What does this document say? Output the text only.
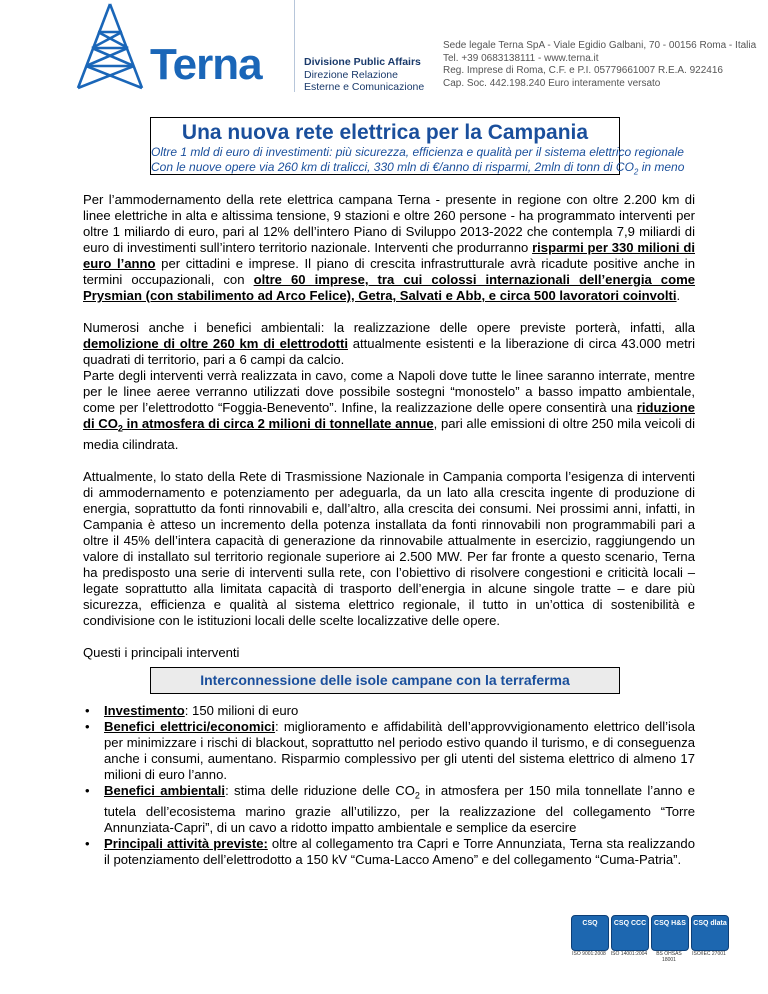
Terna	Divisione Public Affairs
Direzione Relazione
Esterne e Comunicazione
Sede legale Terna SpA - Viale Egidio Galbani, 70 - 00156 Roma - Italia
Tel. +39 0683138111 - www.terna.it
Reg. Imprese di Roma, C.F. e P.I. 05779661007 R.E.A. 922416
Cap. Soc. 442.198.240 Euro interamente versato
Una nuova rete elettrica per la Campania
Oltre 1 mld di euro di investimenti: più sicurezza, efficienza e qualità per il sistema elettrico regionale
Con le nuove opere via 260 km di tralicci, 330 mln di €/anno di risparmi, 2mln di tonn di $CO_2$ in meno

Per l’ammodernamento della rete elettrica campana Terna - presente in regione con oltre 2.200 km di linee elettriche in alta e altissima tensione, 9 stazioni e oltre 260 persone - ha programmato interventi per oltre 1 miliardo di euro, pari al 12% dell’intero Piano di Sviluppo 2013-2022 che contempla 7,9 miliardi di euro di investimenti sull’intero territorio nazionale. Interventi che produrranno risparmi per 330 milioni di euro l’anno per cittadini e imprese. Il piano di crescita infrastrutturale avrà ricadute positive anche in termini occupazionali, con oltre 60 imprese, tra cui colossi internazionali dell’energia come Prysmian (con stabilimento ad Arco Felice), Getra, Salvati e Abb, e circa 500 lavoratori coinvolti.

Numerosi anche i benefici ambientali: la realizzazione delle opere previste porterà, infatti, alla demolizione di oltre 260 km di elettrodotti attualmente esistenti e la liberazione di circa 43.000 metri quadrati di territorio, pari a 6 campi da calcio.

Parte degli interventi verrà realizzata in cavo, come a Napoli dove tutte le linee saranno interrate, mentre per le linee aeree verranno utilizzati dove possibile sostegni “monostelo” a basso impatto ambientale, come per l’elettrodotto “Foggia-Benevento”. Infine, la realizzazione delle opere consentirà una riduzione di $CO_2$ in atmosfera di circa 2 milioni di tonnellate annue, pari alle emissioni di oltre 250 mila veicoli di media cilindrata.

Attualmente, lo stato della Rete di Trasmissione Nazionale in Campania comporta l’esigenza di interventi di ammodernamento e potenziamento per adeguarla, da un lato alla crescita ingente di produzione di energia, soprattutto da fonti rinnovabili e, dall’altro, alla crescita dei consumi. Nei prossimi anni, infatti, in Campania è atteso un incremento della potenza installata da fonti rinnovabili non programmabili pari a oltre il 45% dell’intera capacità di generazione da rinnovabile attualmente in esercizio, raggiungendo un valore di installato sul territorio regionale superiore ai 2.500 MW. Per far fronte a questo scenario, Terna ha predisposto una serie di interventi sulla rete, con l’obiettivo di risolvere congestioni e criticità locali – legate soprattutto alla limitata capacità di trasporto dell’energia in alcune singole tratte – e dare più sicurezza, efficienza e qualità al sistema elettrico regionale, il tutto in un’ottica di sostenibilità e condivisione con le istituzioni locali delle scelte localizzative delle opere.

Questi i principali interventi

Interconnessione delle isole campane con la terraferma
• Investimento: 150 milioni di euro
• Benefici elettrici/economici: miglioramento e affidabilità dell’approvvigionamento elettrico dell’isola per minimizzare i rischi di blackout, soprattutto nel periodo estivo quando il turismo, e di conseguenza anche i consumi, aumentano. Risparmio complessivo per gli utenti del sistema elettrico di almeno 17 milioni di euro l’anno.
• Benefici ambientali: stima delle riduzione delle $CO_2$ in atmosfera per 150 mila tonnellate l’anno e tutela dell’ecosistema marino grazie all’utilizzo, per la realizzazione del collegamento “Torre Annunziata-Capri”, di un cavo a ridotto impatto ambientale e semplice da esercire
• Principali attività previste: oltre al collegamento tra Capri e Torre Annunziata, Terna sta realizzando il potenziamento dell’elettrodotto a 150 kV “Cuma-Lacco Ameno” e del collegamento “Cuma-Patria”.
CSQ	CSQ CCC CSQ H&S CSQ dlata
ISO 9001:2008 ISO 14001:2004	BS OHSAS 18001
ISO/IEC 27001
